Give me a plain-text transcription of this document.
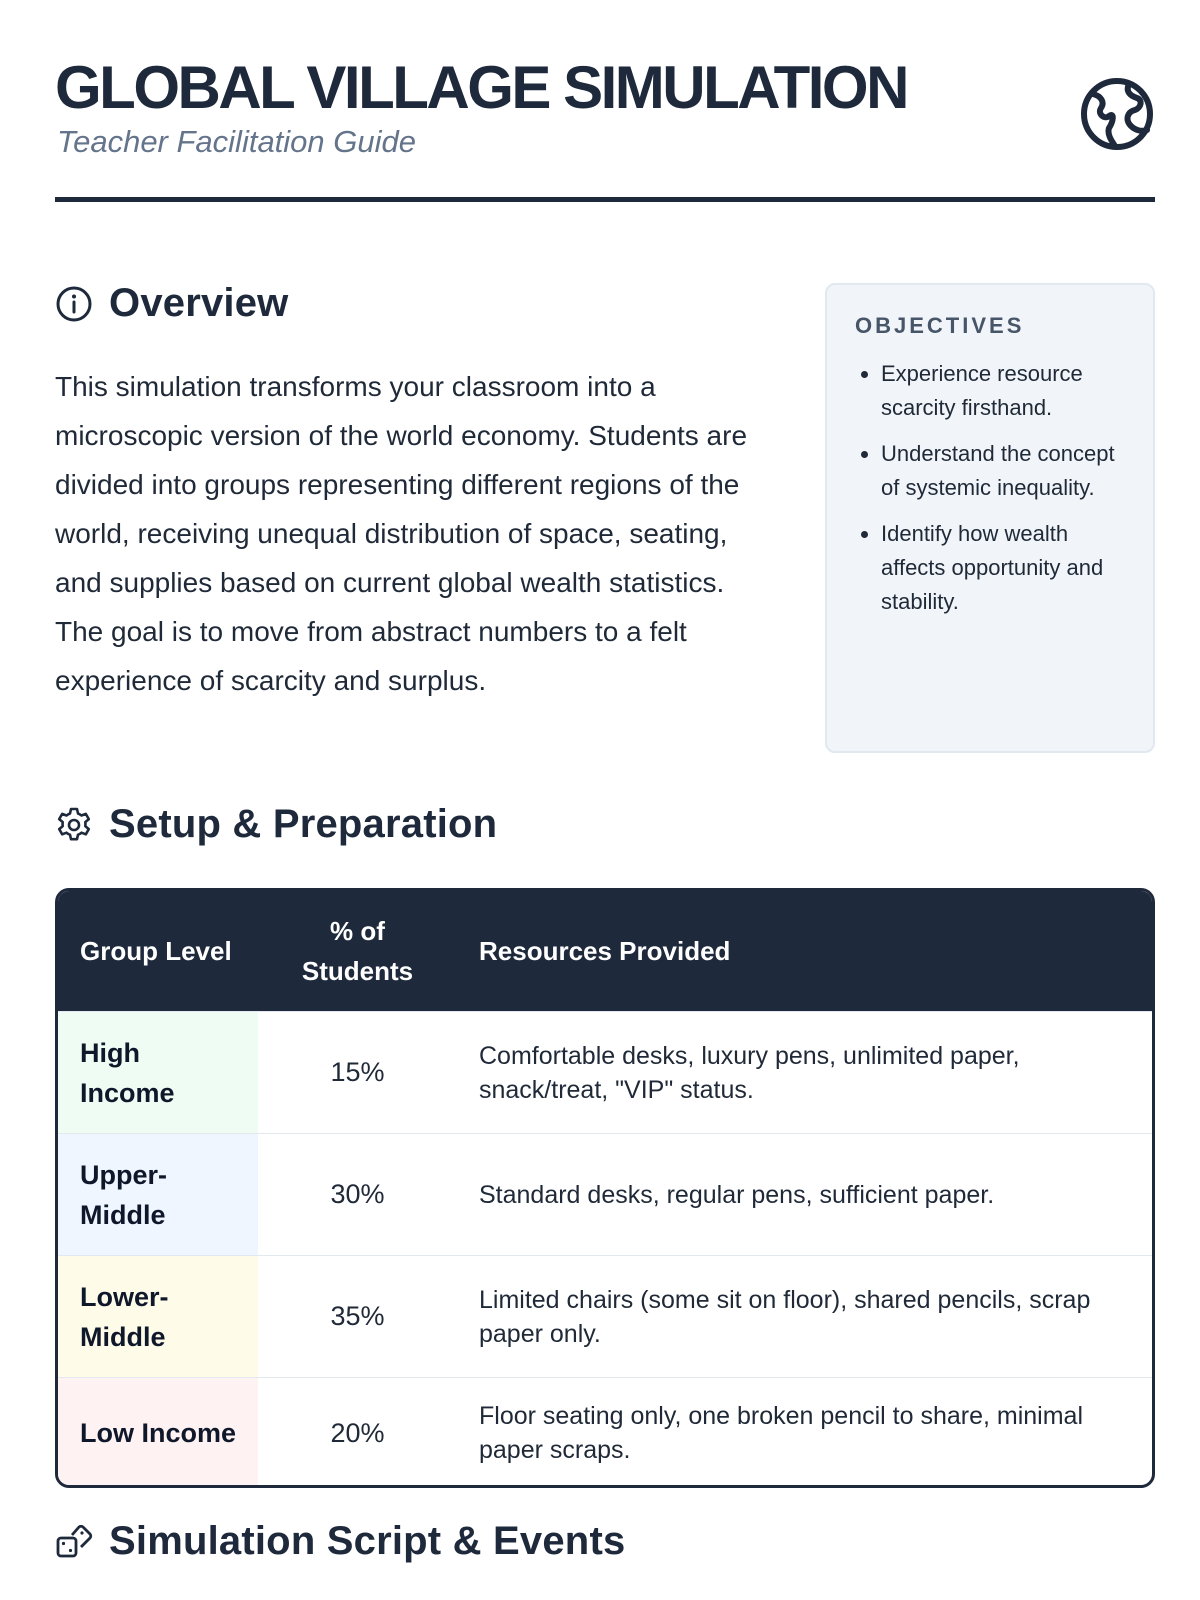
GLOBAL VILLAGE SIMULATION
Teacher Facilitation Guide
Overview

This simulation transforms your classroom into a microscopic version of the world economy. Students are divided into groups representing different regions of the world, receiving unequal distribution of space, seating, and supplies based on current global wealth statistics. The goal is to move from abstract numbers to a felt experience of scarcity and surplus.

OBJECTIVES
• Experience resource scarcity firsthand.
• Understand the concept of systemic inequality.
• Identify how wealth affects opportunity and stability.
Setup & Preparation
Group Level	% of Students	Resources Provided
High Income	15%	Comfortable desks, luxury pens, unlimited paper, snack/treat, "VIP" status.
Upper-Middle	30%	Standard desks, regular pens, sufficient paper.
Lower-Middle	35%	Limited chairs (some sit on floor), shared pencils, scrap paper only.
Low Income	20%	Floor seating only, one broken pencil to share, minimal paper scraps.
Simulation Script & Events
